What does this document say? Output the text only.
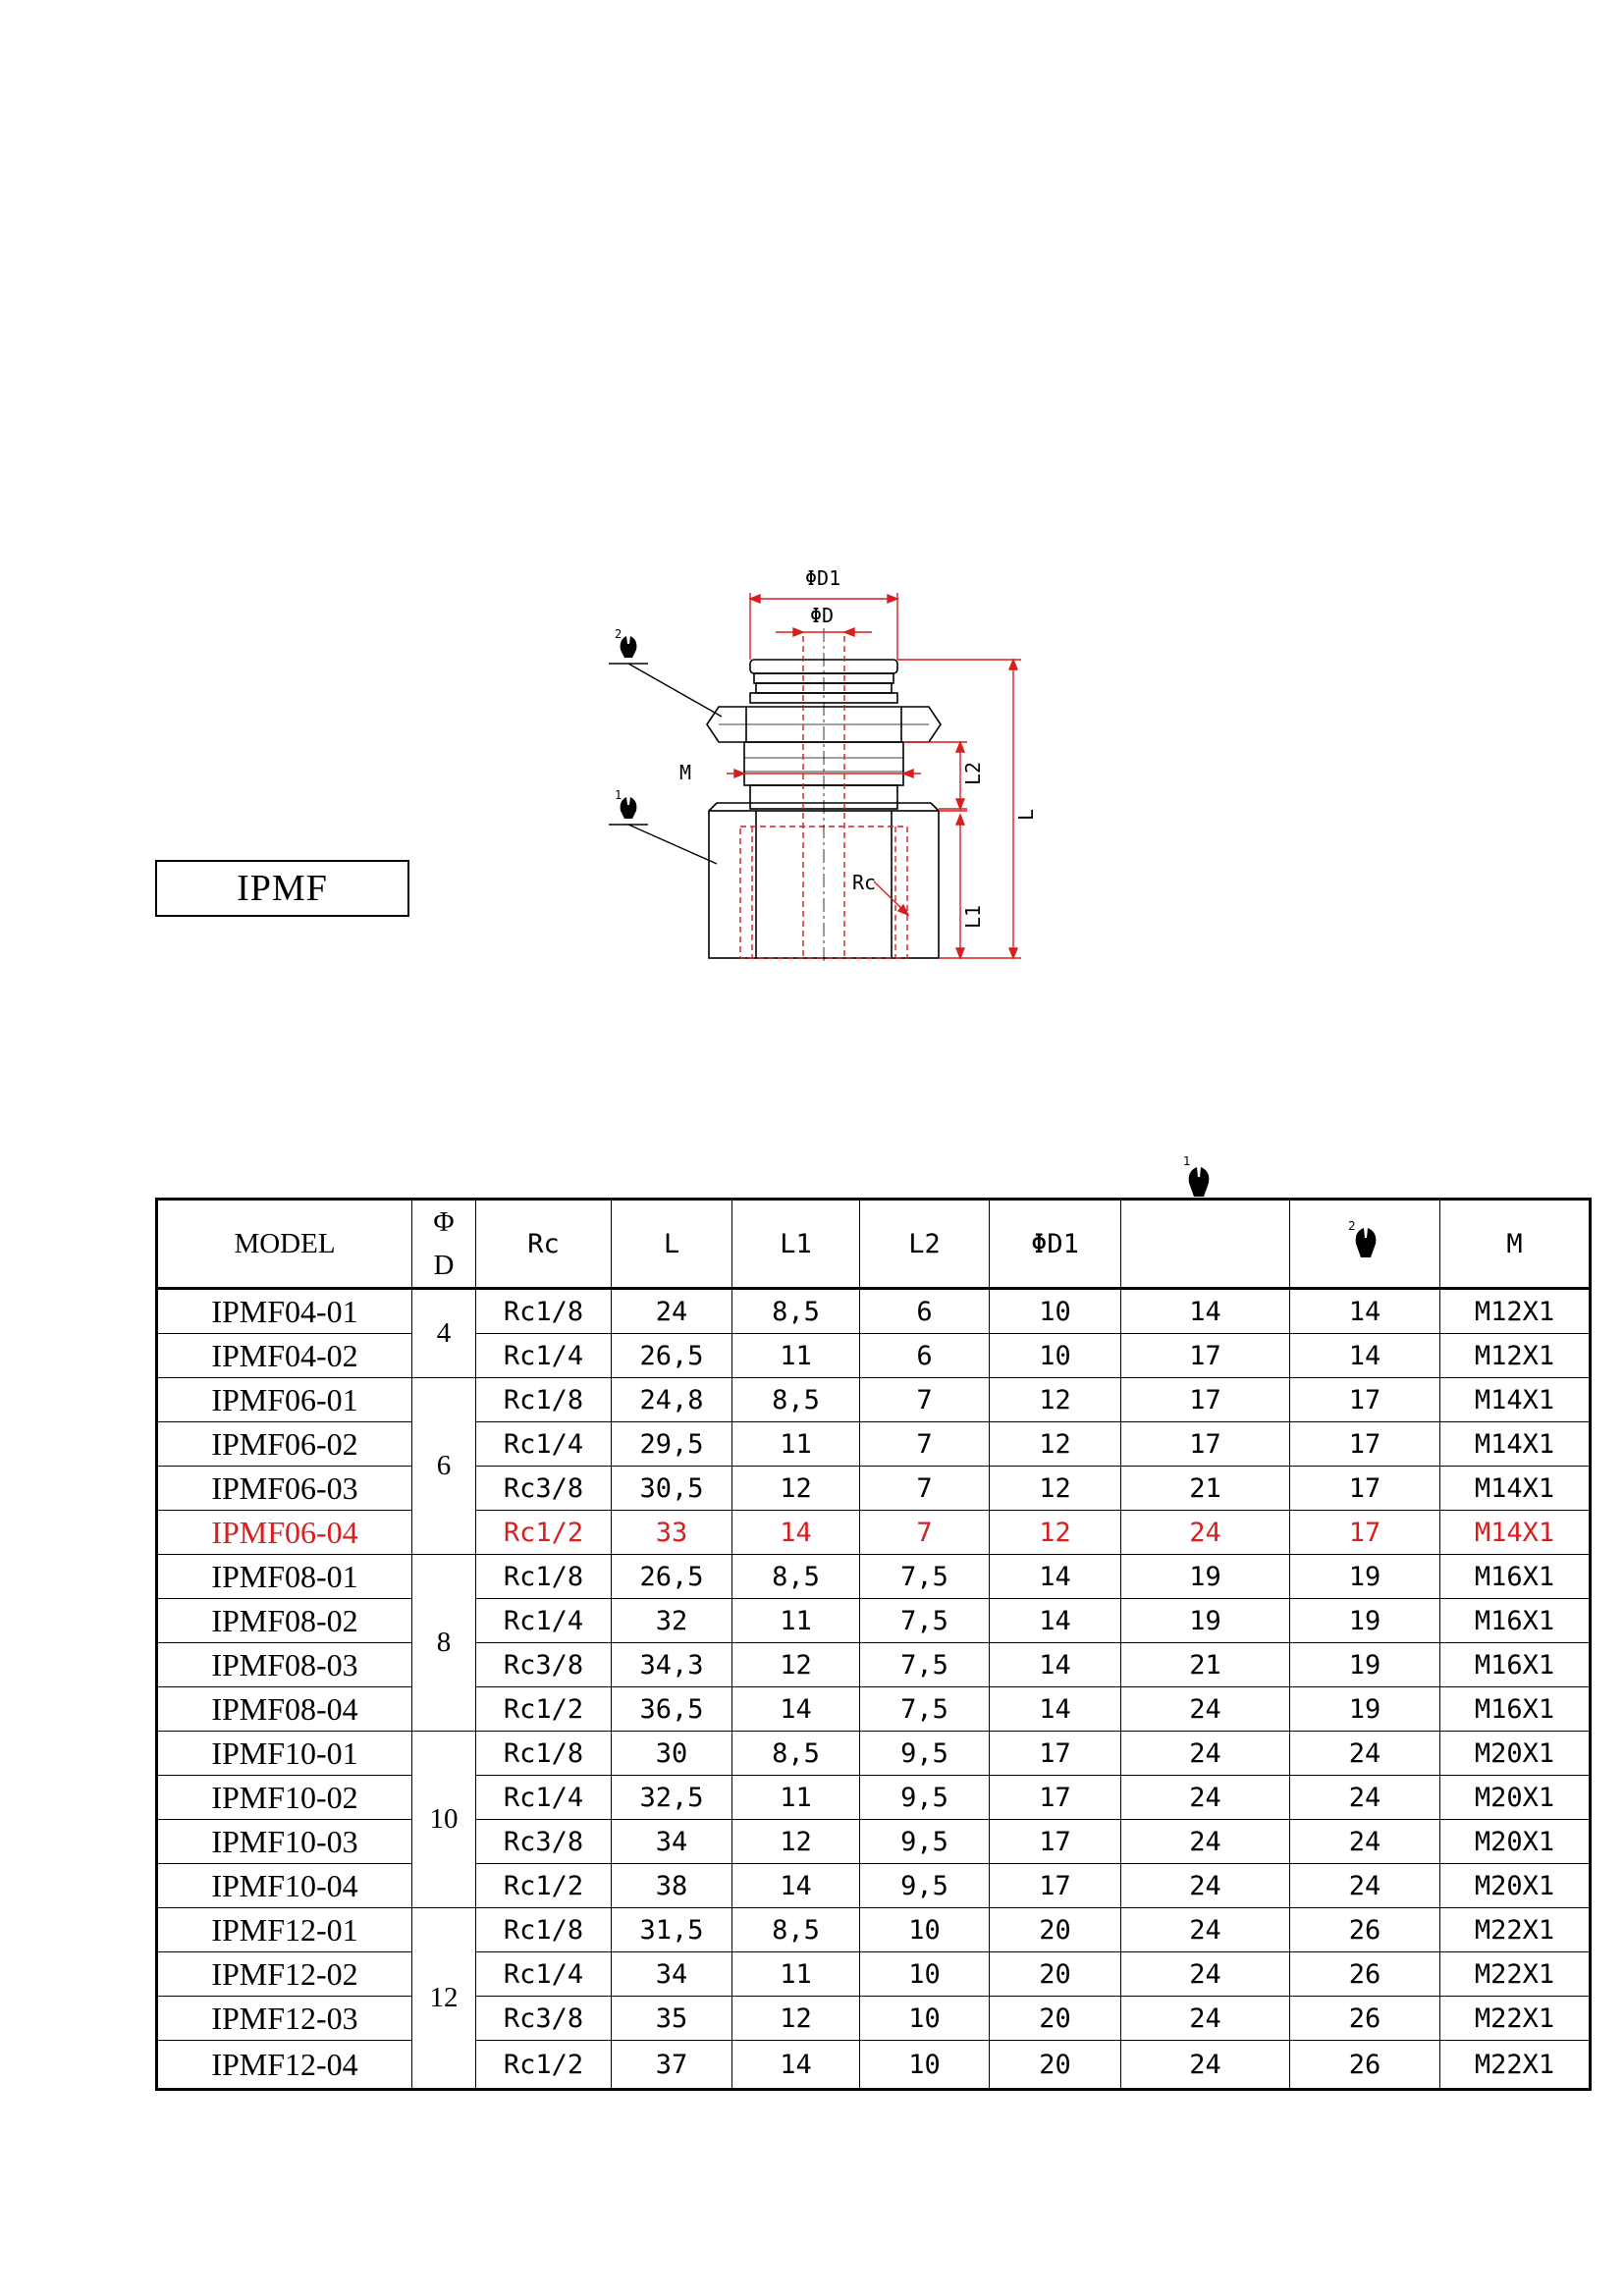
IPMF
2
1
ΦD1
ΦD
M
Rc
L2
L
L1
1
MODEL	Φ
D	Rc	L	L1	L2	ΦD1		2	M
IPMF04-01	4	Rc1/8	24	8,5	6	10	14	14	M12X1
IPMF04-02		Rc1/4	26,5	11	6	10	17	14	M12X1
IPMF06-01	6	Rc1/8	24,8	8,5	7	12	17	17	M14X1
IPMF06-02		Rc1/4	29,5	11	7	12	17	17	M14X1
IPMF06-03		Rc3/8	30,5	12	7	12	21	17	M14X1
IPMF06-04		Rc1/2	33	14	7	12	24	17	M14X1
IPMF08-01	8	Rc1/8	26,5	8,5	7,5	14	19	19	M16X1
IPMF08-02		Rc1/4	32	11	7,5	14	19	19	M16X1
IPMF08-03		Rc3/8	34,3	12	7,5	14	21	19	M16X1
IPMF08-04		Rc1/2	36,5	14	7,5	14	24	19	M16X1
IPMF10-01	10	Rc1/8	30	8,5	9,5	17	24	24	M20X1
IPMF10-02		Rc1/4	32,5	11	9,5	17	24	24	M20X1
IPMF10-03		Rc3/8	34	12	9,5	17	24	24	M20X1
IPMF10-04		Rc1/2	38	14	9,5	17	24	24	M20X1
IPMF12-01	12	Rc1/8	31,5	8,5	10	20	24	26	M22X1
IPMF12-02		Rc1/4	34	11	10	20	24	26	M22X1
IPMF12-03		Rc3/8	35	12	10	20	24	26	M22X1
IPMF12-04		Rc1/2	37	14	10	20	24	26	M22X1
